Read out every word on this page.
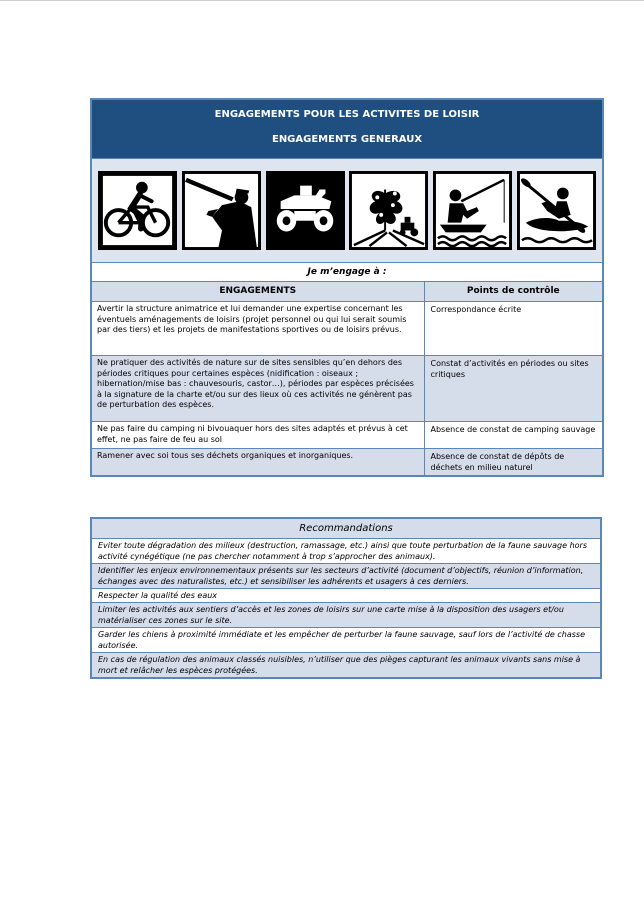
ENGAGEMENTS POUR LES ACTIVITES DE LOISIR
ENGAGEMENTS GENERAUX	

Je m’engage à :	
ENGAGEMENTS	Points de contrôle
Avertir la structure animatrice et lui demander une expertise concernant les éventuels aménagements de loisirs (projet personnel ou qui lui serait soumis par des tiers) et les projets de manifestations sportives ou de loisirs prévus.	Correspondance écrite
Ne pratiquer des activités de nature sur de sites sensibles qu’en dehors des périodes critiques pour certaines espèces (nidification : oiseaux ; hibernation/mise bas : chauvesouris, castor…), périodes par espèces précisées à la signature de la charte et/ou sur des lieux où ces activités ne génèrent pas de perturbation des espèces.	Constat d’activités en périodes ou sites critiques
Ne pas faire du camping ni bivouaquer hors des sites adaptés et prévus à cet effet, ne pas faire de feu au sol	Absence de constat de camping sauvage
Ramener avec soi tous ses déchets organiques et inorganiques.	Absence de constat de dépôts de déchets en milieu naturel
Recommandations
Eviter toute dégradation des milieux (destruction, ramassage, etc.) ainsi que toute perturbation de la faune sauvage hors activité cynégétique (ne pas chercher notamment à trop s’approcher des animaux).
Identifier les enjeux environnementaux présents sur les secteurs d’activité (document d’objectifs, réunion d’information, échanges avec des naturalistes, etc.) et sensibiliser les adhérents et usagers à ces derniers.
Respecter la qualité des eaux
Limiter les activités aux sentiers d’accès et les zones de loisirs sur une carte mise à la disposition des usagers et/ou matérialiser ces zones sur le site.
Garder les chiens à proximité immédiate et les empêcher de perturber la faune sauvage, sauf lors de l’activité de chasse autorisée.
En cas de régulation des animaux classés nuisibles, n’utiliser que des pièges capturant les animaux vivants sans mise à mort et relâcher les espèces protégées.
